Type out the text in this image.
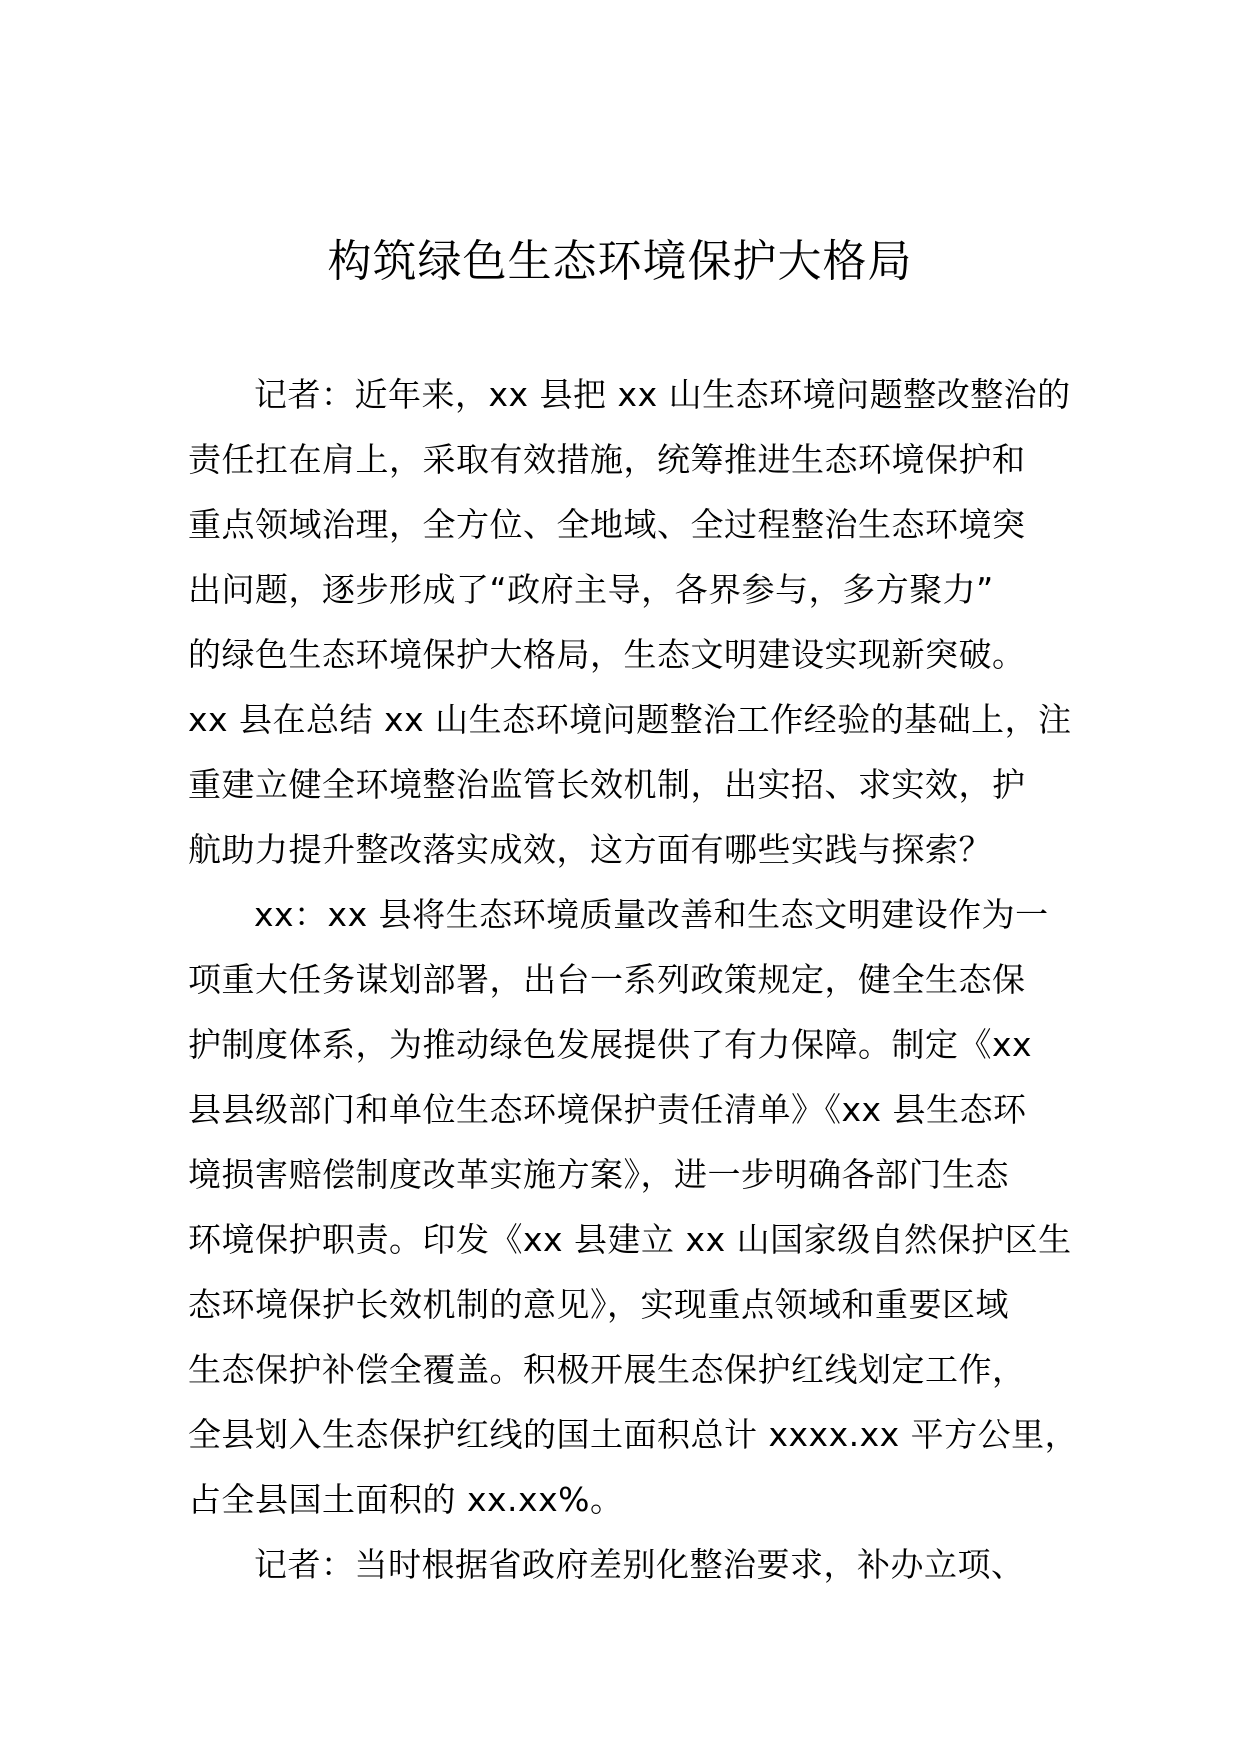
构筑绿色生态环境保护大格局
记者：近年来，xx 县把 xx 山生态环境问题整改整治的
责任扛在肩上，采取有效措施，统筹推进生态环境保护和
重点领域治理，全方位、全地域、全过程整治生态环境突
出问题，逐步形成了“政府主导，各界参与，多方聚力”
的绿色生态环境保护大格局，生态文明建设实现新突破。
xx 县在总结 xx 山生态环境问题整治工作经验的基础上，注
重建立健全环境整治监管长效机制，出实招、求实效，护
航助力提升整改落实成效，这方面有哪些实践与探索？
xx：xx 县将生态环境质量改善和生态文明建设作为一
项重大任务谋划部署，出台一系列政策规定，健全生态保
护制度体系，为推动绿色发展提供了有力保障。制定《xx
县县级部门和单位生态环境保护责任清单》《xx 县生态环
境损害赔偿制度改革实施方案》，进一步明确各部门生态
环境保护职责。印发《xx 县建立 xx 山国家级自然保护区生
态环境保护长效机制的意见》，实现重点领域和重要区域
生态保护补偿全覆盖。积极开展生态保护红线划定工作，
全县划入生态保护红线的国土面积总计 xxxx.xx 平方公里，
占全县国土面积的 xx.xx%。
记者：当时根据省政府差别化整治要求，补办立项、
